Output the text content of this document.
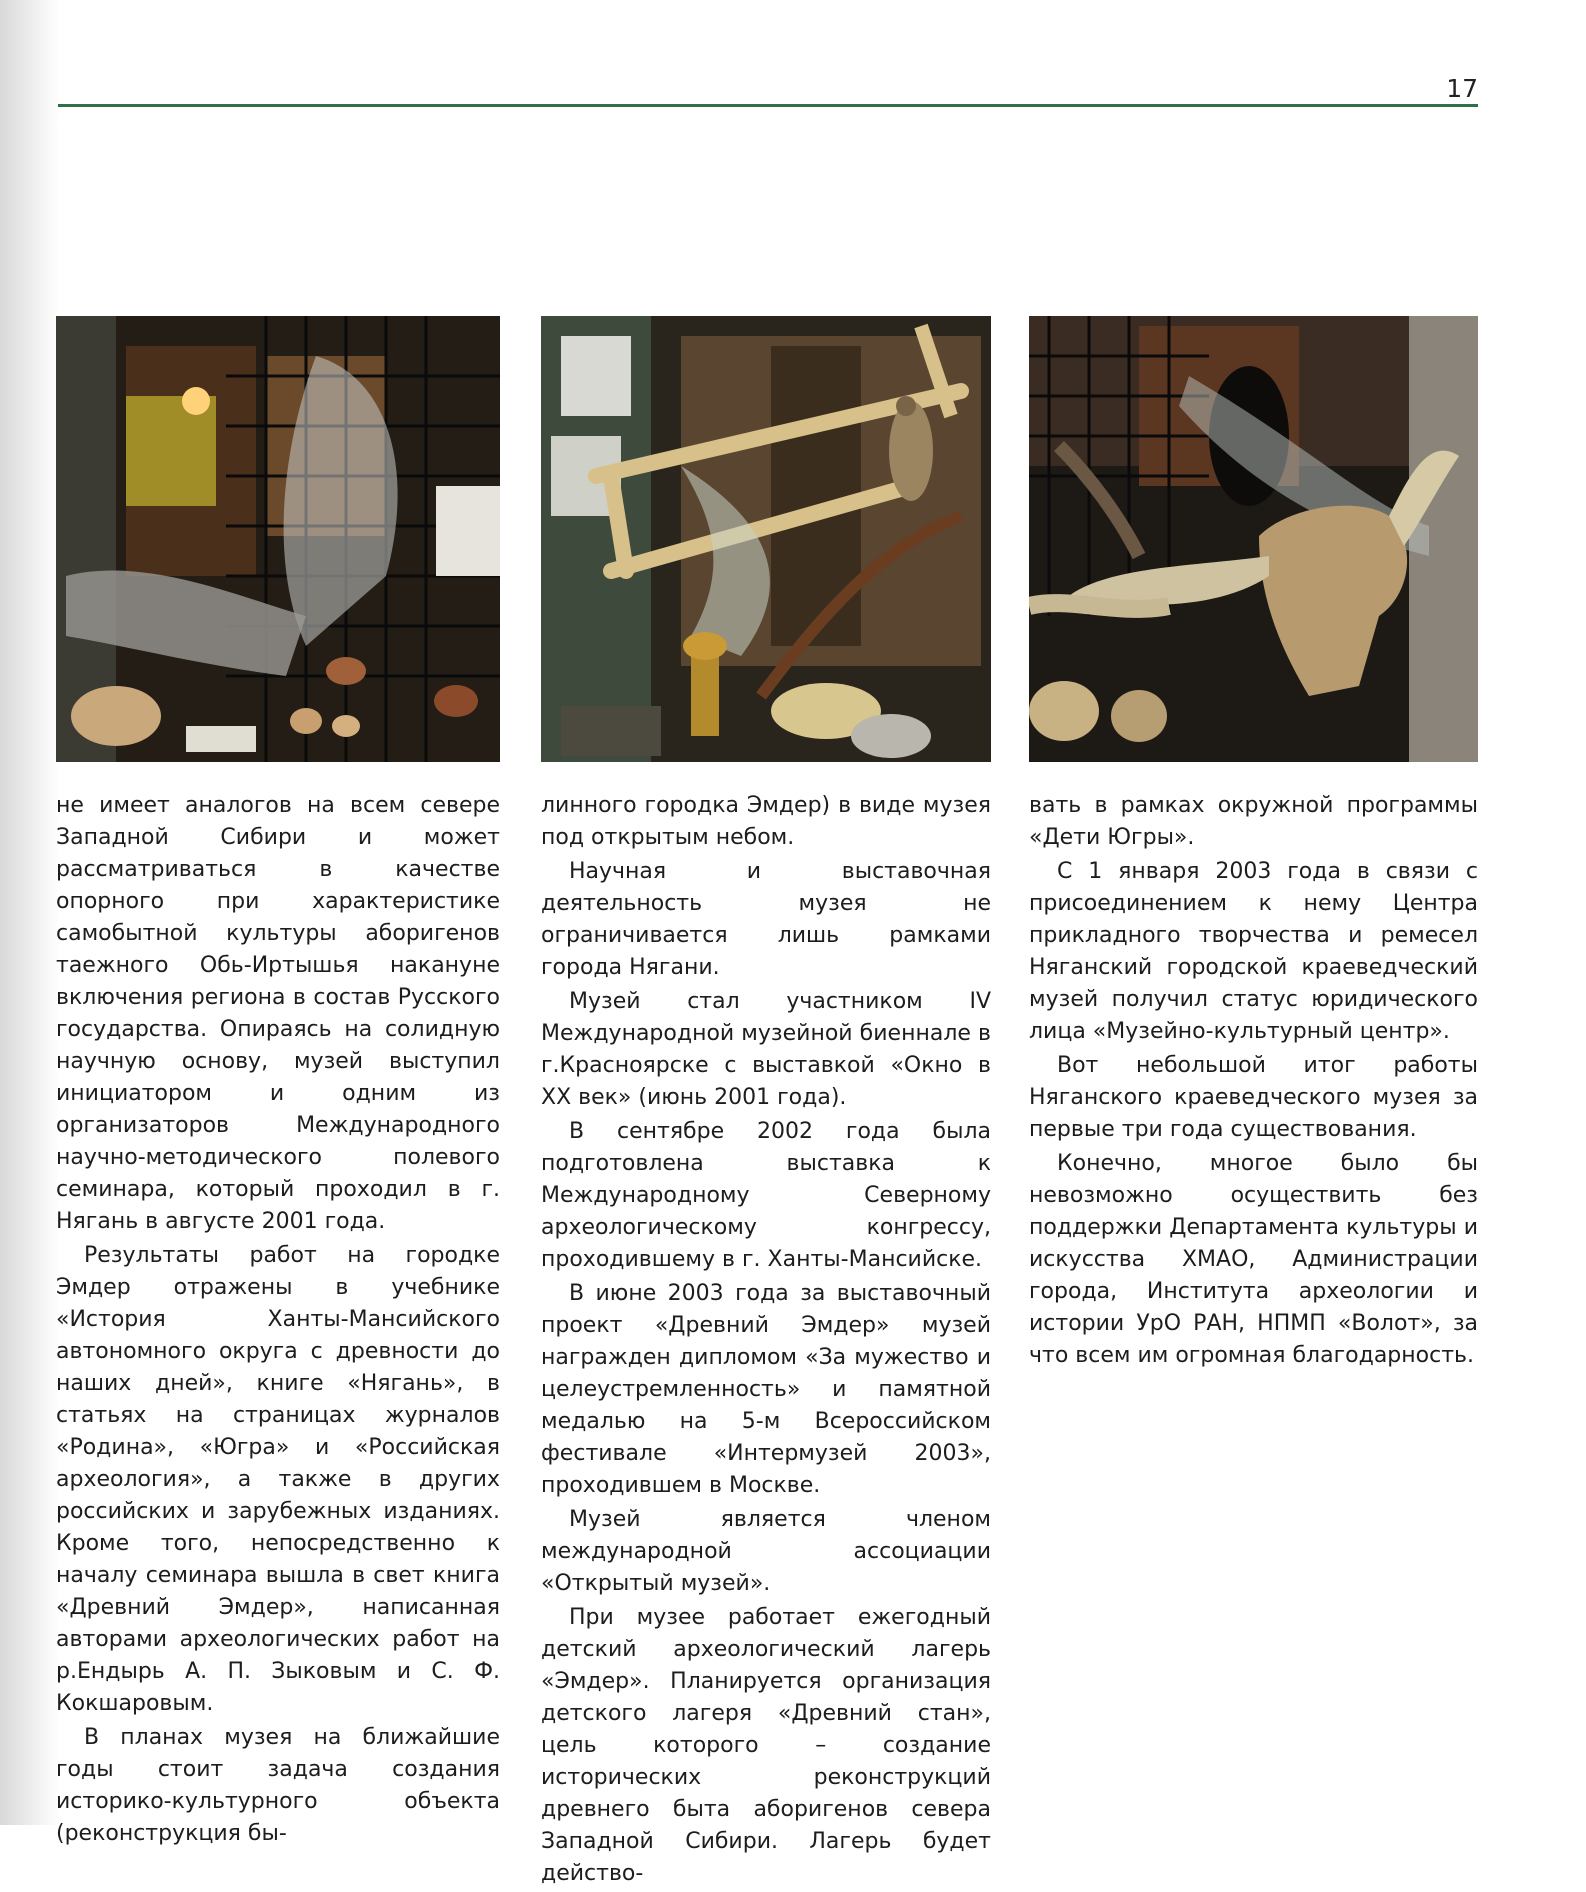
17

не имеет аналогов на всем севере Западной Сибири и может рассматриваться в качестве опорного при характеристике самобытной культуры аборигенов таежного Обь-Иртышья накануне включения региона в состав Русского государства. Опираясь на солидную научную основу, музей выступил инициатором и одним из организаторов Международного научно-методического полевого семинара, который проходил в г. Нягань в августе 2001 года.

Результаты работ на городке Эмдер отражены в учебнике «История Ханты-Мансийского автономного округа с древности до наших дней», книге «Нягань», в статьях на страницах журналов «Родина», «Югра» и «Российская археология», а также в других российских и зарубежных изданиях. Кроме того, непосредственно к началу семинара вышла в свет книга «Древний Эмдер», написанная авторами археологических работ на р.Ендырь А. П. Зыковым и С. Ф. Кокшаровым.

В планах музея на ближайшие годы стоит задача создания историко-культурного объекта (реконструкция бы-

линного городка Эмдер) в виде музея под открытым небом.

Научная и выставочная деятельность музея не ограничивается лишь рамками города Нягани.

Музей стал участником IV Международной музейной биеннале в г.Красноярске с выставкой «Окно в XX век» (июнь 2001 года).

В сентябре 2002 года была подготовлена выставка к Международному Северному археологическому конгрессу, проходившему в г. Ханты-Мансийске.

В июне 2003 года за выставочный проект «Древний Эмдер» музей награжден дипломом «За мужество и целеустремленность» и памятной медалью на 5-м Всероссийском фестивале «Интермузей 2003», проходившем в Москве.

Музей является членом международной ассоциации «Открытый музей».

При музее работает ежегодный детский археологический лагерь «Эмдер». Планируется организация детского лагеря «Древний стан», цель которого – создание исторических реконструкций древнего быта аборигенов севера Западной Сибири. Лагерь будет действо-

вать в рамках окружной программы «Дети Югры».

С 1 января 2003 года в связи с присоединением к нему Центра прикладного творчества и ремесел Няганский городской краеведческий музей получил статус юридического лица «Музейно-культурный центр».

Вот небольшой итог работы Няганского краеведческого музея за первые три года существования.

Конечно, многое было бы невозможно осуществить без поддержки Департамента культуры и искусства ХМАО, Администрации города, Института археологии и истории УрО РАН, НПМП «Волот», за что всем им огромная благодарность.
